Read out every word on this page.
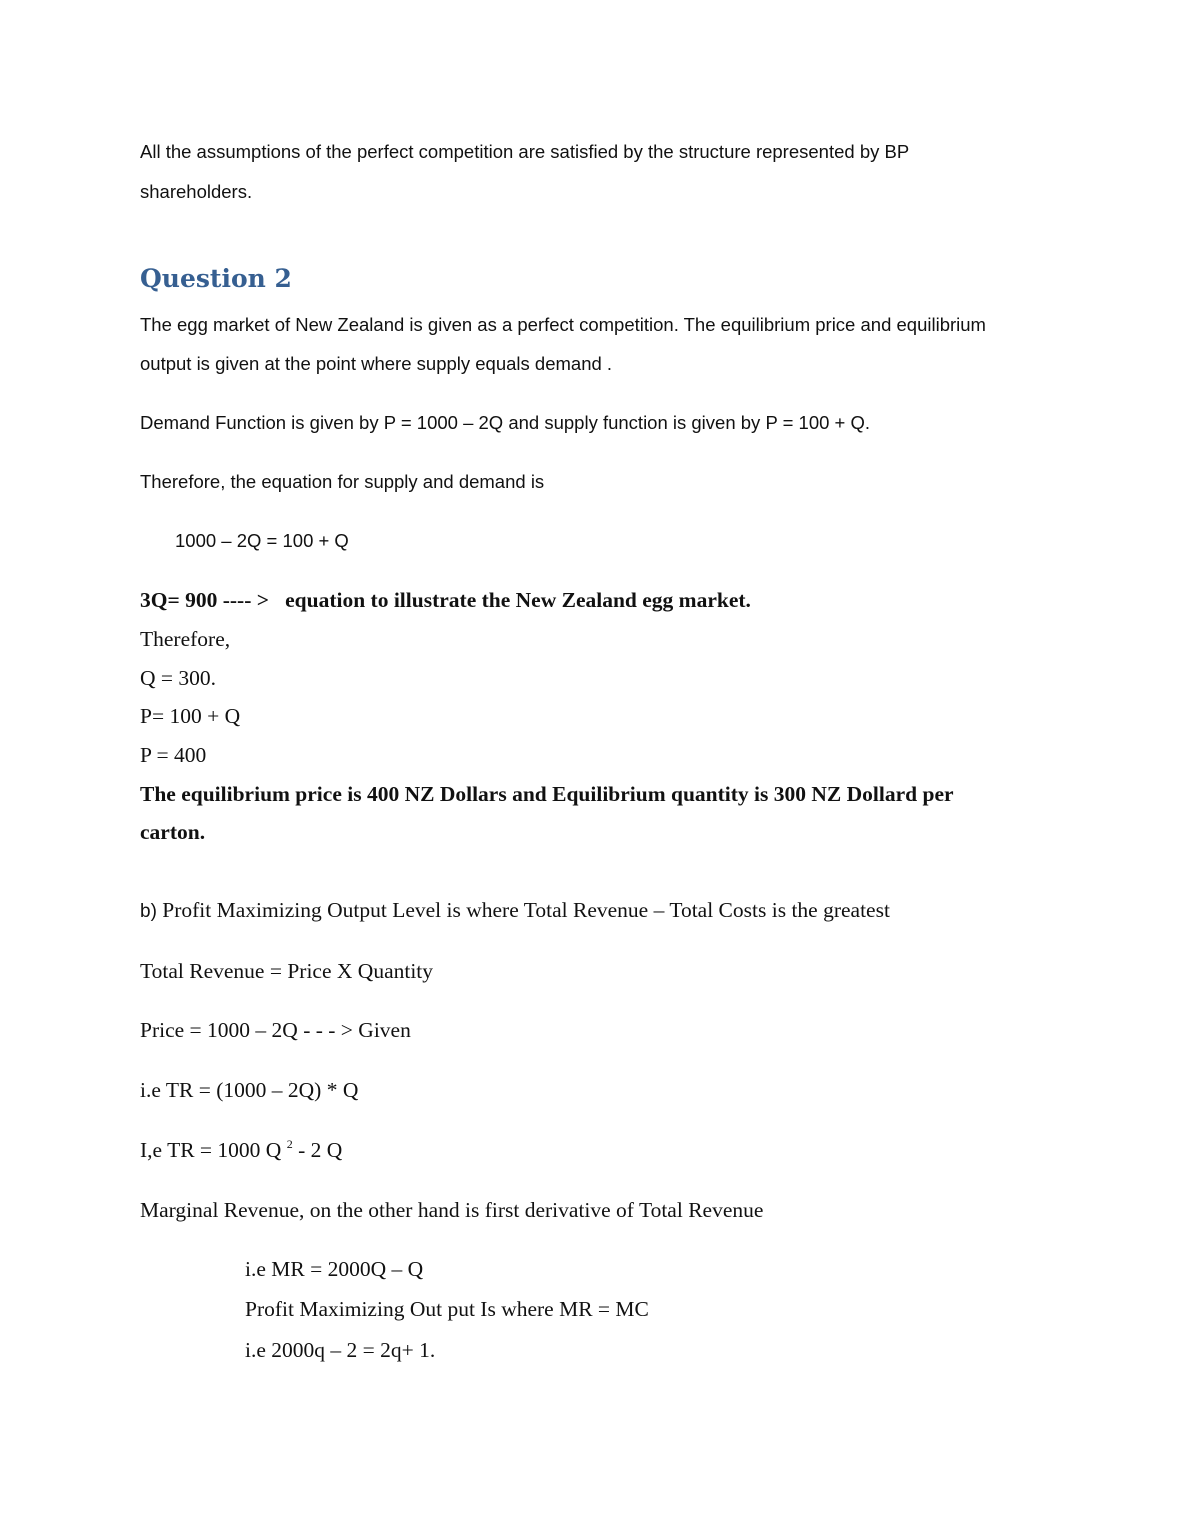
All the assumptions of the perfect competition are satisfied by the structure represented by BP
shareholders.
Question 2
The egg market of New Zealand is given as a perfect competition. The equilibrium price and equilibrium
output is given at the point where supply equals demand .
Demand Function is given by P = 1000 – 2Q and supply function is given by P = 100 + Q.
Therefore, the equation for supply and demand is
1000 – 2Q = 100 + Q
3Q= 900 ---- > equation to illustrate the New Zealand egg market.
Therefore,
Q = 300.
P= 100 + Q
P = 400
The equilibrium price is 400 NZ Dollars and Equilibrium quantity is 300 NZ Dollard per
carton.
b) Profit Maximizing Output Level is where Total Revenue – Total Costs is the greatest
Total Revenue = Price X Quantity
Price = 1000 – 2Q - - - > Given
i.e TR = (1000 – 2Q) * Q
I,e TR = 1000 Q $^2$ - 2 Q
Marginal Revenue, on the other hand is first derivative of Total Revenue
i.e MR = 2000Q – Q
Profit Maximizing Out put Is where MR = MC
i.e 2000q – 2 = 2q+ 1.
